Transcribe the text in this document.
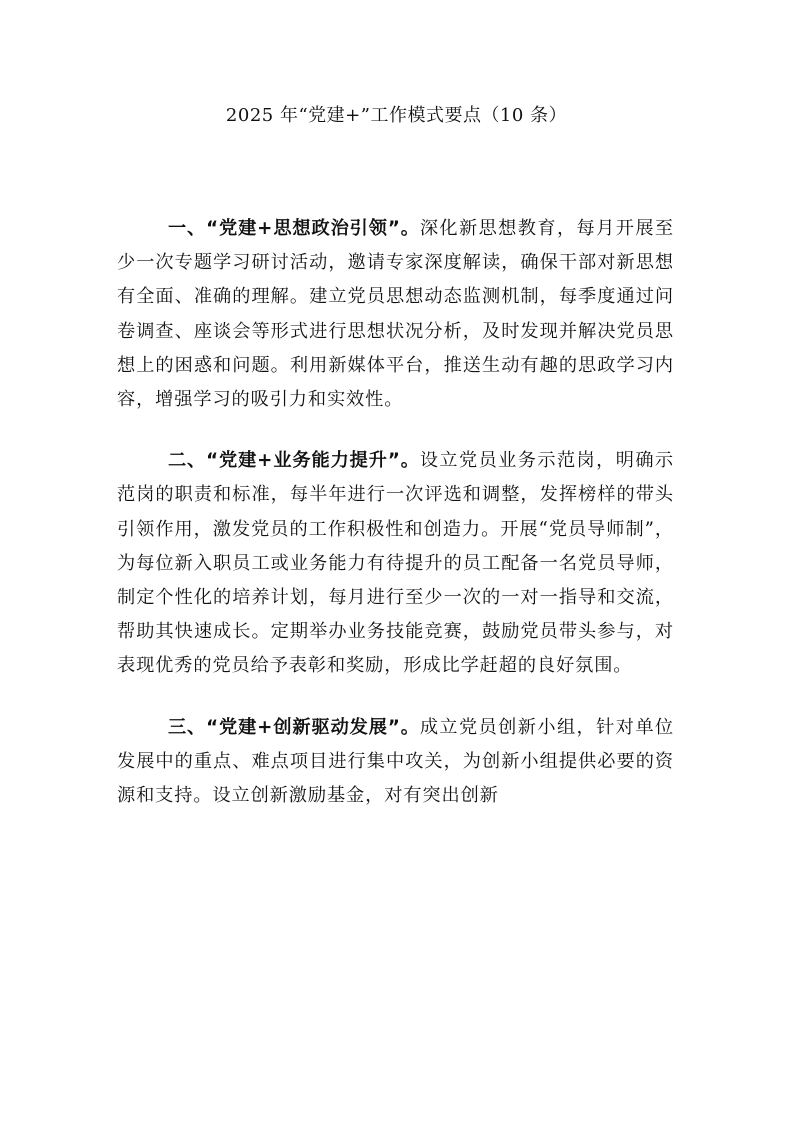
2025 年“党建+”工作模式要点（10 条）

一、“党建+思想政治引领”。深化新思想教育，每月开展至少一次专题学习研讨活动，邀请专家深度解读，确保干部对新思想有全面、准确的理解。建立党员思想动态监测机制，每季度通过问卷调查、座谈会等形式进行思想状况分析，及时发现并解决党员思想上的困惑和问题。利用新媒体平台，推送生动有趣的思政学习内容，增强学习的吸引力和实效性。

二、“党建+业务能力提升”。设立党员业务示范岗，明确示范岗的职责和标准，每半年进行一次评选和调整，发挥榜样的带头引领作用，激发党员的工作积极性和创造力。开展“党员导师制”，为每位新入职员工或业务能力有待提升的员工配备一名党员导师，制定个性化的培养计划，每月进行至少一次的一对一指导和交流，帮助其快速成长。定期举办业务技能竞赛，鼓励党员带头参与，对表现优秀的党员给予表彰和奖励，形成比学赶超的良好氛围。

三、“党建+创新驱动发展”。成立党员创新小组，针对单位发展中的重点、难点项目进行集中攻关，为创新小组提供必要的资源和支持。设立创新激励基金，对有突出创新
